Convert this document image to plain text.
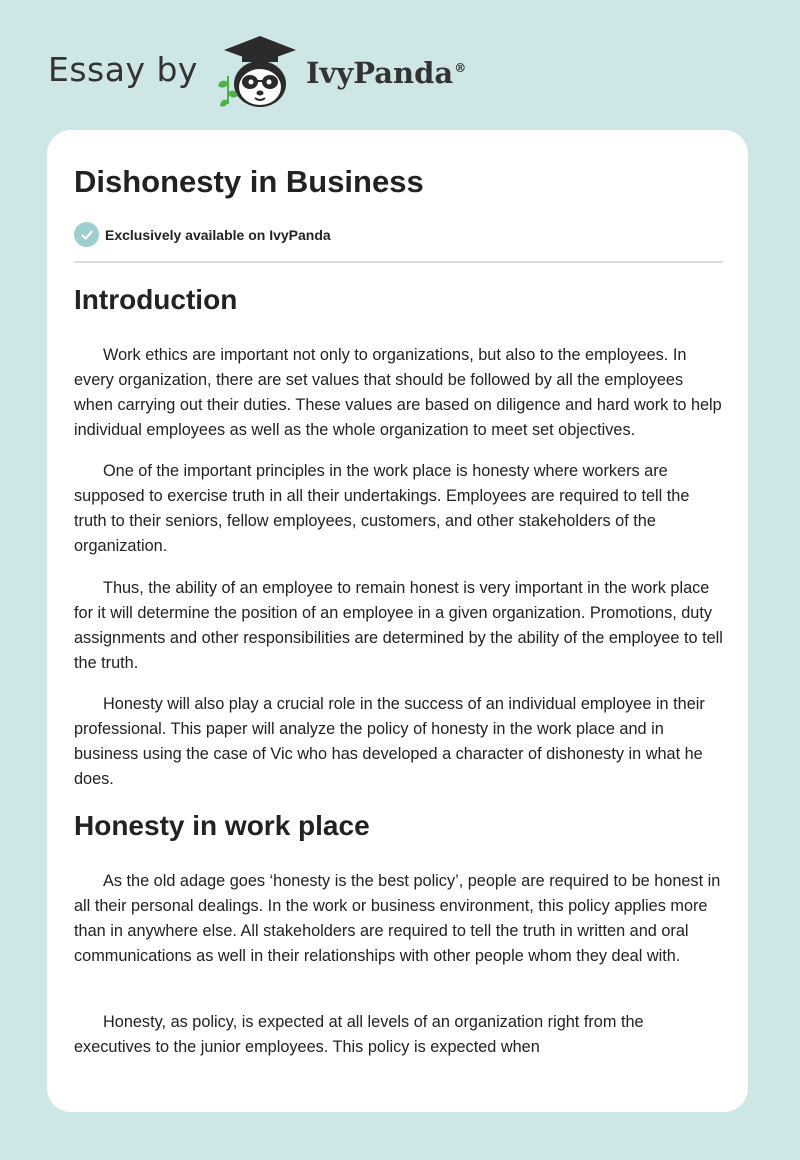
Essay by	IvyPanda®
Dishonesty in Business
Exclusively available on IvyPanda
Introduction

Work ethics are important not only to organizations, but also to the employees. In every organization, there are set values that should be followed by all the employees when carrying out their duties. These values are based on diligence and hard work to help individual employees as well as the whole organization to meet set objectives.

One of the important principles in the work place is honesty where workers are supposed to exercise truth in all their undertakings. Employees are required to tell the truth to their seniors, fellow employees, customers, and other stakeholders of the organization.

Thus, the ability of an employee to remain honest is very important in the work place for it will determine the position of an employee in a given organization. Promotions, duty assignments and other responsibilities are determined by the ability of the employee to tell the truth.

Honesty will also play a crucial role in the success of an individual employee in their professional. This paper will analyze the policy of honesty in the work place and in business using the case of Vic who has developed a character of dishonesty in what he does.

Honesty in work place

As the old adage goes ‘honesty is the best policy’, people are required to be honest in all their personal dealings. In the work or business environment, this policy applies more than in anywhere else. All stakeholders are required to tell the truth in written and oral communications as well in their relationships with other people whom they deal with.

Honesty, as policy, is expected at all levels of an organization right from the executives to the junior employees. This policy is expected when
